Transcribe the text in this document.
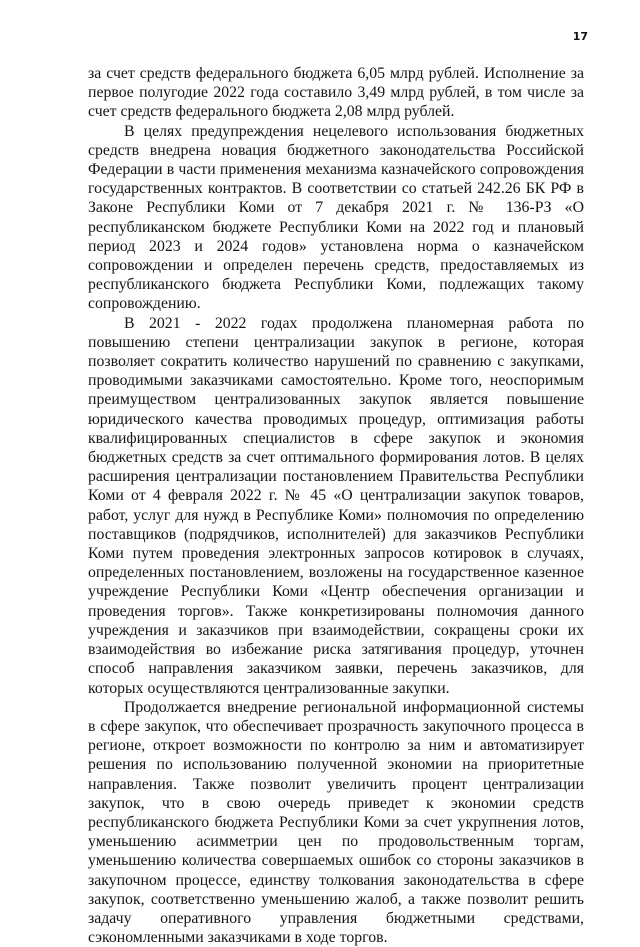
17

за счет средств федерального бюджета 6,05 млрд рублей. Исполнение за первое полугодие 2022 года составило 3,49 млрд рублей, в том числе за счет средств федерального бюджета 2,08 млрд рублей.

В целях предупреждения нецелевого использования бюджетных средств внедрена новация бюджетного законодательства Российской Федерации в части применения механизма казначейского сопровождения государственных контрактов. В соответствии со статьей 242.26 БК РФ в Законе Республики Коми от 7 декабря 2021 г. № 136-РЗ «О республиканском бюджете Республики Коми на 2022 год и плановый период 2023 и 2024 годов» установлена норма о казначейском сопровождении и определен перечень средств, предоставляемых из республиканского бюджета Республики Коми, подлежащих такому сопровождению.

В 2021 - 2022 годах продолжена планомерная работа по повышению степени централизации закупок в регионе, которая позволяет сократить количество нарушений по сравнению с закупками, проводимыми заказчиками самостоятельно. Кроме того, неоспоримым преимуществом централизованных закупок является повышение юридического качества проводимых процедур, оптимизация работы квалифицированных специалистов в сфере закупок и экономия бюджетных средств за счет оптимального формирования лотов. В целях расширения централизации постановлением Правительства Республики Коми от 4 февраля 2022 г. № 45 «О централизации закупок товаров, работ, услуг для нужд в Республике Коми» полномочия по определению поставщиков (подрядчиков, исполнителей) для заказчиков Республики Коми путем проведения электронных запросов котировок в случаях, определенных постановлением, возложены на государственное казенное учреждение Республики Коми «Центр обеспечения организации и проведения торгов». Также конкретизированы полномочия данного учреждения и заказчиков при взаимодействии, сокращены сроки их взаимодействия во избежание риска затягивания процедур, уточнен способ направления заказчиком заявки, перечень заказчиков, для которых осуществляются централизованные закупки.

Продолжается внедрение региональной информационной системы в сфере закупок, что обеспечивает прозрачность закупочного процесса в регионе, откроет возможности по контролю за ним и автоматизирует решения по использованию полученной экономии на приоритетные направления. Также позволит увеличить процент централизации закупок, что в свою очередь приведет к экономии средств республиканского бюджета Республики Коми за счет укрупнения лотов, уменьшению асимметрии цен по продовольственным торгам, уменьшению количества совершаемых ошибок со стороны заказчиков в закупочном процессе, единству толкования законодательства в сфере закупок, соответственно уменьшению жалоб, а также позволит решить задачу оперативного управления бюджетными средствами, сэкономленными заказчиками в ходе торгов.
